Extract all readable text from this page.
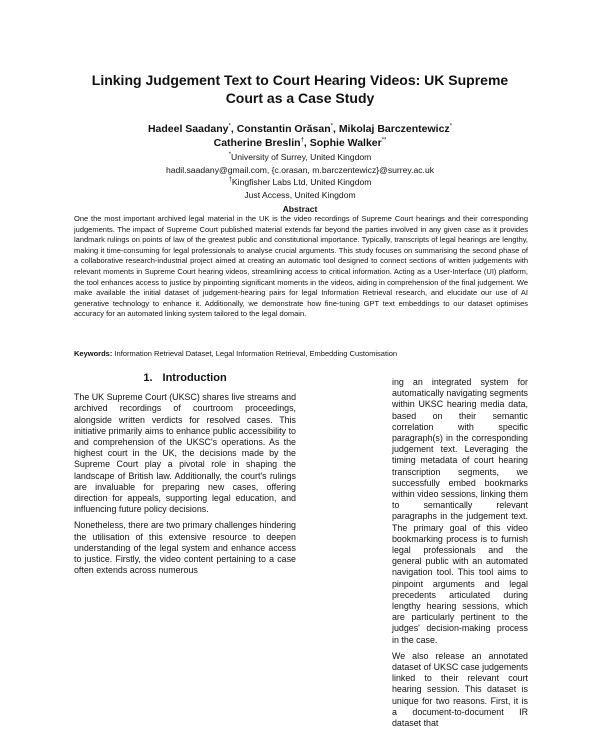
Linking Judgement Text to Court Hearing Videos: UK Supreme
Court as a Case Study
Hadeel Saadany*, Constantin Orăsan*, Mikolaj Barczentewicz*
Catherine Breslin†, Sophie Walker**
*University of Surrey, United Kingdom
hadil.saadany@gmail.com, {c.orasan, m.barczentewicz}@surrey.ac.uk
†Kingfisher Labs Ltd, United Kingdom
Just Access, United Kingdom
Abstract

One the most important archived legal material in the UK is the video recordings of Supreme Court hearings and their corresponding judgements. The impact of Supreme Court published material extends far beyond the parties involved in any given case as it provides landmark rulings on points of law of the greatest public and constitutional importance. Typically, transcripts of legal hearings are lengthy, making it time-consuming for legal professionals to analyse crucial arguments. This study focuses on summarising the second phase of a collaborative research-industrial project aimed at creating an automatic tool designed to connect sections of written judgements with relevant moments in Supreme Court hearing videos, streamlining access to critical information. Acting as a User-Interface (UI) platform, the tool enhances access to justice by pinpointing significant moments in the videos, aiding in comprehension of the final judgement. We make available the initial dataset of judgement-hearing pairs for legal Information Retrieval research, and elucidate our use of AI generative technology to enhance it. Additionally, we demonstrate how fine-tuning GPT text embeddings to our dataset optimises accuracy for an automated linking system tailored to the legal domain.

Keywords: Information Retrieval Dataset, Legal Information Retrieval, Embedding Customisation

1. Introduction

The UK Supreme Court (UKSC) shares live streams and archived recordings of courtroom proceedings, alongside written verdicts for resolved cases. This initiative primarily aims to enhance public accessibility to and comprehension of the UKSC's operations. As the highest court in the UK, the decisions made by the Supreme Court play a pivotal role in shaping the landscape of British law. Additionally, the court's rulings are invaluable for preparing new cases, offering direction for appeals, supporting legal education, and influencing future policy decisions.

Nonetheless, there are two primary challenges hindering the utilisation of this extensive resource to deepen understanding of the legal system and enhance access to justice. Firstly, the video content pertaining to a case often extends across numerous

ing an integrated system for automatically navigating segments within UKSC hearing media data, based on their semantic correlation with specific paragraph(s) in the corresponding judgement text. Leveraging the timing metadata of court hearing transcription segments, we successfully embed bookmarks within video sessions, linking them to semantically relevant paragraphs in the judgement text. The primary goal of this video bookmarking process is to furnish legal professionals and the general public with an automated navigation tool. This tool aims to pinpoint arguments and legal precedents articulated during lengthy hearing sessions, which are particularly pertinent to the judges' decision-making process in the case.

We also release an annotated dataset of UKSC case judgements linked to their relevant court hearing session. This dataset is unique for two reasons. First, it is a document-to-document IR dataset that
